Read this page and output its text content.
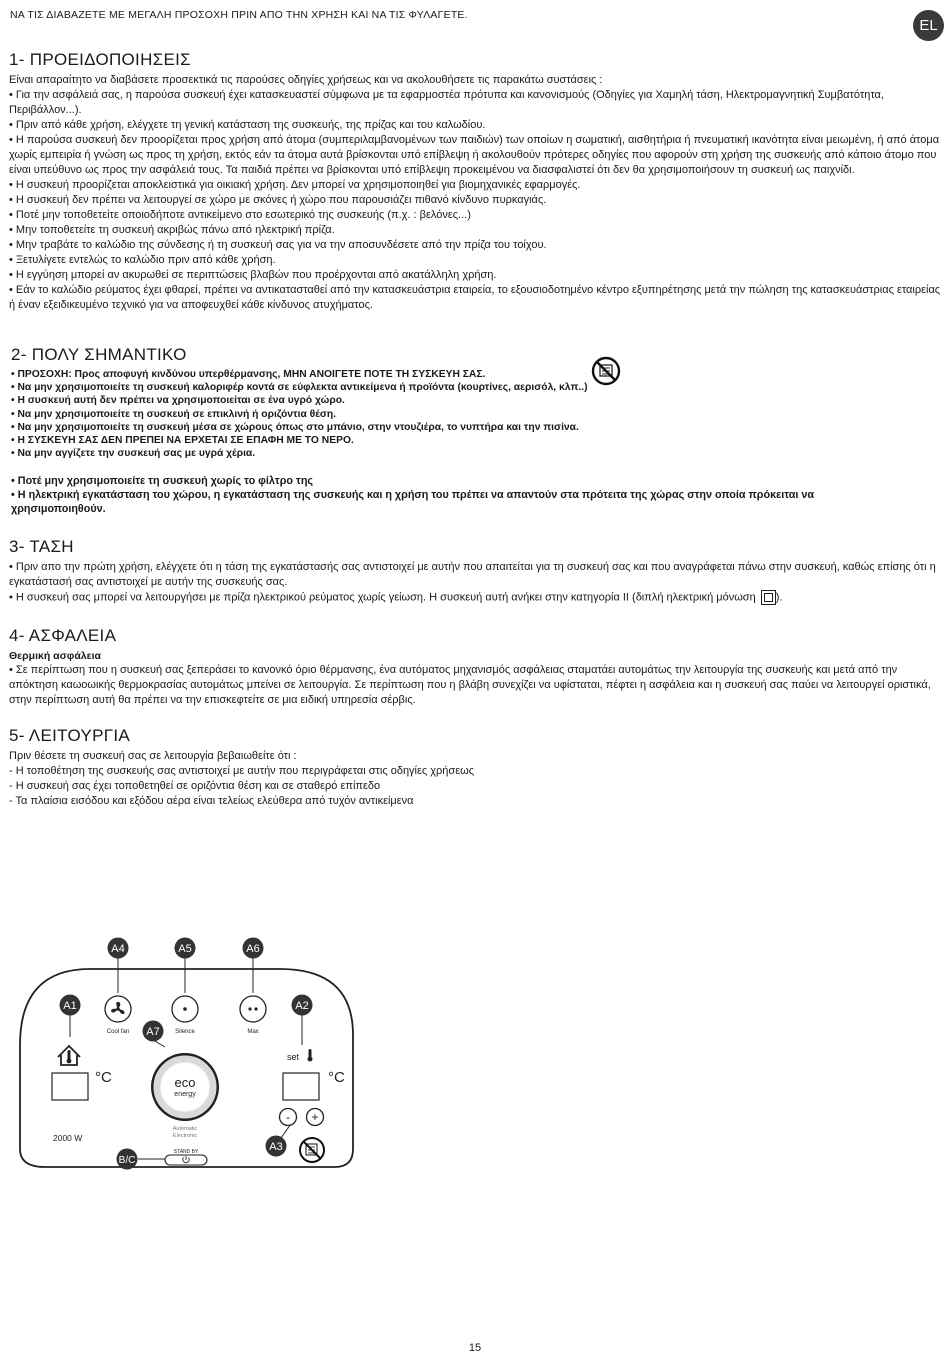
ΝΑ ΤΙΣ ΔΙΑΒΑΖΕΤΕ ΜΕ ΜΕΓΑΛΗ ΠΡΟΣΟΧΗ ΠΡΙΝ ΑΠΟ ΤΗΝ ΧΡΗΣΗ ΚΑΙ ΝΑ ΤΙΣ ΦΥΛΑΓΕΤΕ.
EL
1- ΠΡΟΕΙΔΟΠΟΙΗΣΕΙΣ

Είναι απαραίτητο να διαβάσετε προσεκτικά τις παρούσες οδηγίες χρήσεως και να ακολουθήσετε τις παρακάτω συστάσεις :

• Για την ασφάλειά σας, η παρούσα συσκευή έχει κατασκευαστεί σύμφωνα με τα εφαρμοστέα πρότυπα και κανονισμούς (Οδηγίες για Χαμηλή τάση, Ηλεκτρομαγνητική Συμβατότητα, Περιβάλλον...).

• Πριν από κάθε χρήση, ελέγχετε τη γενική κατάσταση της συσκευής, της πρίζας και του καλωδίου.

• Η παρούσα συσκευή δεν προορίζεται προς χρήση από άτομα (συμπεριλαμβανομένων των παιδιών) των οποίων η σωματική, αισθητήρια ή πνευματική ικανότητα είναι μειωμένη, ή από άτομα χωρίς εμπειρία ή γνώση ως προς τη χρήση, εκτός εάν τα άτομα αυτά βρίσκονται υπό επίβλεψη ή ακολουθούν πρότερες οδηγίες που αφορούν στη χρήση της συσκευής από κάποιο άτομο που είναι υπεύθυνο ως προς την ασφάλειά τους. Τα παιδιά πρέπει να βρίσκονται υπό επίβλεψη προκειμένου να διασφαλιστεί ότι δεν θα χρησιμοποιήσουν τη συσκευή ως παιχνίδι.

• Η συσκευή προορίζεται αποκλειστικά για οικιακή χρήση. Δεν μπορεί να χρησιμοποιηθεί για βιομηχανικές εφαρμογές.

• Η συσκευή δεν πρέπει να λειτουργεί σε χώρο με σκόνες ή χώρο που παρουσιάζει πιθανό κίνδυνο πυρκαγιάς.

• Ποτέ μην τοποθετείτε οποιοδήποτε αντικείμενο στο εσωτερικό της συσκευής (π.χ. : βελόνες...)

• Μην τοποθετείτε τη συσκευή ακριβώς πάνω από ηλεκτρική πρίζα.

• Μην τραβάτε το καλώδιο της σύνδεσης ή τη συσκευή σας για να την αποσυνδέσετε από την πρίζα του τοίχου.

• Ξετυλίγετε εντελώς το καλώδιο πριν από κάθε χρήση.

• Η εγγύηση μπορεί αν ακυρωθεί σε περιπτώσεις βλαβών που προέρχονται από ακατάλληλη χρήση.

• Εάν το καλώδιο ρεύματος έχει φθαρεί, πρέπει να αντικατασταθεί από την κατασκευάστρια εταιρεία, το εξουσιοδοτημένο κέντρο εξυπηρέτησης μετά την πώληση της κατασκευάστριας εταιρείας ή έναν εξειδικευμένο τεχνικό για να αποφευχθεί κάθε κίνδυνος ατυχήματος.

2- ΠΟΛΥ ΣΗΜΑΝΤΙΚΟ

• ΠΡΟΣΟΧΗ: Προς αποφυγή κινδύνου υπερθέρμανσης, ΜΗΝ ΑΝΟΙΓΕΤΕ ΠΟΤΕ ΤΗ ΣΥΣΚΕΥΗ ΣΑΣ.

• Να μην χρησιμοποιείτε τη συσκευή καλοριφέρ κοντά σε εύφλεκτα αντικείμενα ή προϊόντα (κουρτίνες, αερισόλ, κλπ..)

• Η συσκευή αυτή δεν πρέπει να χρησιμοποιείται σε ένα υγρό χώρο.

• Να μην χρησιμοποιείτε τη συσκευή σε επικλινή ή οριζόντια θέση.

• Να μην χρησιμοποιείτε τη συσκευή μέσα σε χώρους όπως στο μπάνιο, στην ντουζιέρα, το νυπτήρα και την πισίνα.

• Η ΣΥΣΚΕΥΗ ΣΑΣ ΔΕΝ ΠΡΕΠΕΙ ΝΑ ΕΡΧΕΤΑΙ ΣΕ ΕΠΑΦΗ ΜΕ ΤΟ ΝΕΡΟ.

• Να μην αγγίζετε την συσκευή σας με υγρά χέρια.

• Ποτέ μην χρησιμοποιείτε τη συσκευή χωρίς το φίλτρο της

• Η ηλεκτρική εγκατάσταση του χώρου, η εγκατάσταση της συσκευής και η χρήση του πρέπει να απαντούν στα πρότειτα της χώρας στην οποία πρόκειται να χρησιμοποιηθούν.

3- ΤΑΣΗ

• Πριν απο την πρώτη χρήση, ελέγχετε ότι η τάση της εγκατάστασής σας αντιστοιχεί με αυτήν που απαιτείται για τη συσκευή σας και που αναγράφεται πάνω στην συσκευή, καθώς επίσης ότι η εγκατάστασή σας αντιστοιχεί με αυτήν της συσκευής σας.

• Η συσκευή σας μπορεί να λειτουργήσει με πρίζα ηλεκτρικού ρεύματος χωρίς γείωση. Η συσκευή αυτή ανήκει στην κατηγορία II (διπλή ηλεκτρική μόνωση ).

4- ΑΣΦΑΛΕΙΑ

Θερμική ασφάλεια

• Σε περίπτωση που η συσκευή σας ξεπεράσει το κανονκό όριο θέρμανσης, ένα αυτόματος μηχανισμός ασφάλειας σταματάει αυτομάτως την λειτουργία της συσκευής και μετά από την απόκτηση καωοωικής θερμοκρασίας αυτομάτως μπείνει σε λειτουργία. Σε περίπτωση που η βλάβη συνεχίζει να υφίσταται, πέφτει η ασφάλεια και η συσκευή σας παύει να λειτουργεί οριστικά, στην περίπτωση αυτή θα πρέπει να την επισκεφτείτε σε μια ειδική υπηρεσία σέρβις.

5- ΛΕΙΤΟΥΡΓΙΑ

Πριν θέσετε τη συσκευή σας σε λειτουργία βεβαιωθείτε ότι :

- Η τοποθέτηση της συσκευής σας αντιστοιχεί με αυτήν που περιγράφεται στις οδηγίες χρήσεως

- Η συσκευή σας έχει τοποθετηθεί σε οριζόντια θέση και σε σταθερό επίπεδο

- Τα πλαίσια εισόδου και εξόδου αέρα είναι τελείως ελεύθερα από τυχόν αντικείμενα

A4	A5	A6
A1	A2
A7
A3
B/C
Cool fan	Silence	Max
°C	°C
set
eco
energy
Automatic
Electronic
- +
2000 W
STAND BY
15
